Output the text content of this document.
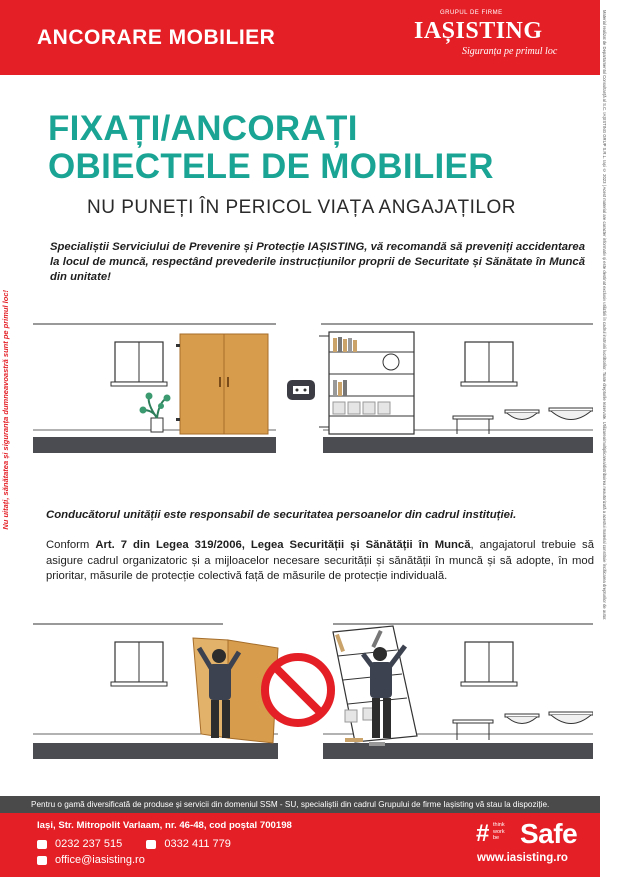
ANCORARE MOBILIER
GRUPUL DE FIRME
IAȘISTING
Siguranța pe primul loc	Material realizat de Departamentul Consultanță al S.C. IAȘISTING GRUP S.R.L. Iași © 2023 | Acest material are caracter informativ și este destinat exclusiv utilizării în cadrul instruirii lucrătorilor. Toate drepturile rezervate. Utilizarea/multiplicarea/distribuirea neautorizată a acestui material constituie încălcarea drepturilor de autor.
Nu uitați, sănătatea și siguranța dumneavoastră sunt pe primul loc!
FIXAȚI/ANCORAȚI
OBIECTELE DE MOBILIER
NU PUNEȚI ÎN PERICOL VIAȚA ANGAJAȚILOR
Specialiștii Serviciului de Prevenire și Protecție IAȘISTING, vă recomandă să preveniți accidentarea la locul de muncă, respectând prevederile instrucțiunilor proprii de Securitate și Sănătate în Muncă din unitate!
Conducătorul unității este responsabil de securitatea persoanelor din cadrul instituției.
Conform Art. 7 din Legea 319/2006, Legea Securității și Sănătății în Muncă, angajatorul trebuie să asigure cadrul organizatoric și a mijloacelor necesare securității și sănătății în muncă și să adopte, în mod prioritar, măsurile de protecție colectivă față de măsurile de protecție individuală.
Pentru o gamă diversificată de produse și servicii din domeniul SSM - SU, specialiștii din cadrul Grupului de firme Iașisting vă stau la dispoziție.
Iași, Str. Mitropolit Varlaam, nr. 46-48, cod poștal 700198
0232 237 515	0332 411 779
office@iasisting.ro
# think
work
be Safe
www.iasisting.ro
